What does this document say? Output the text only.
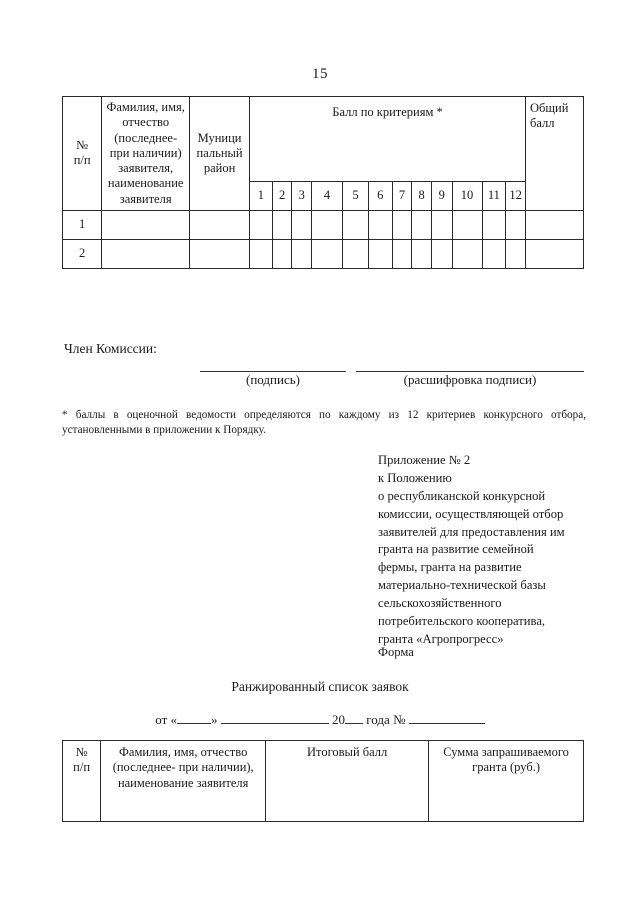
15
№
п/п	Фамилия, имя, отчество (последнее- при наличии) заявителя, наименование заявителя	Муници пальный район	Балл по критериям *												Общий балл
			1	2	3	4	5	6	7	8	9	10	11	12	
1															
2															
Член Комиссии:
(подпись)	(расшифровка подписи)
* баллы в оценочной ведомости определяются по каждому из 12 критериев конкурсного отбора, установленными в приложении к Порядку.
Приложение № 2
к Положению
о республиканской конкурсной
комиссии, осуществляющей отбор
заявителей для предоставления им
гранта на развитие семейной
фермы, гранта на развитие
материально-технической базы
сельскохозяйственного
потребительского кооператива,
гранта «Агропрогресс»
Форма
Ранжированный список заявок
от «	»	20 года №
№
п/п	Фамилия, имя, отчество (последнее- при наличии), наименование заявителя	Итоговый балл	Сумма запрашиваемого гранта (руб.)
